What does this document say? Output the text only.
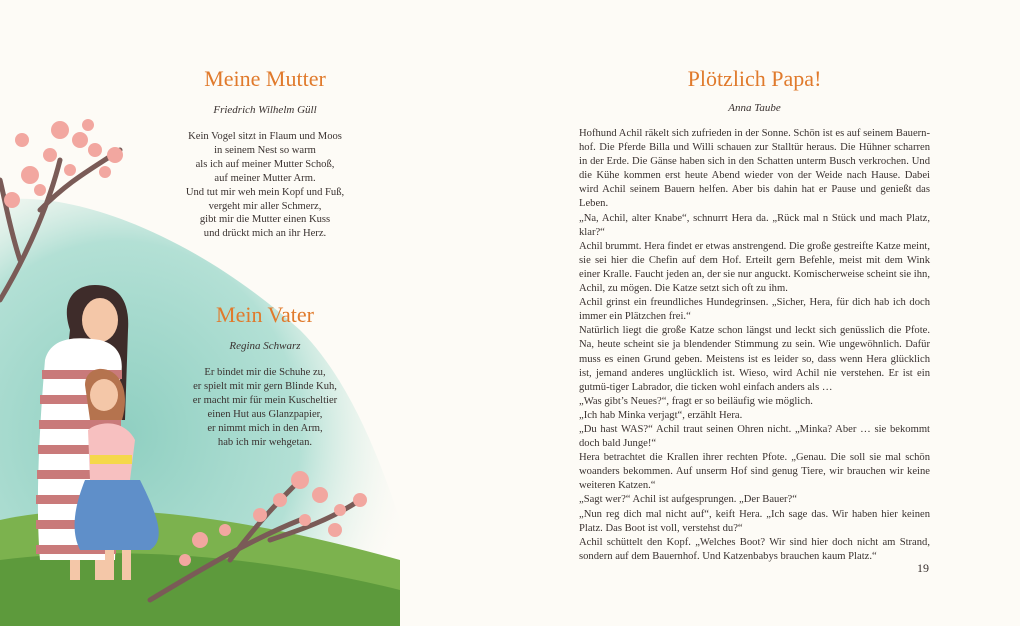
Meine Mutter
Friedrich Wilhelm Güll
Kein Vogel sitzt in Flaum und Moos
in seinem Nest so warm
als ich auf meiner Mutter Schoß,
auf meiner Mutter Arm.
Und tut mir weh mein Kopf und Fuß,
vergeht mir aller Schmerz,
gibt mir die Mutter einen Kuss
und drückt mich an ihr Herz.
Mein Vater
Regina Schwarz
Er bindet mir die Schuhe zu,
er spielt mit mir gern Blinde Kuh,
er macht mir für mein Kuscheltier
einen Hut aus Glanzpapier,
er nimmt mich in den Arm,
hab ich mir wehgetan.
Plötzlich Papa!
Anna Taube

Hofhund Achil räkelt sich zufrieden in der Sonne. Schön ist es auf seinem Bauern-hof. Die Pferde Billa und Willi schauen zur Stalltür heraus. Die Hühner scharren in der Erde. Die Gänse haben sich in den Schatten unterm Busch verkrochen. Und die Kühe kommen erst heute Abend wieder von der Weide nach Hause. Dabei wird Achil seinem Bauern helfen. Aber bis dahin hat er Pause und genießt das Leben.

„Na, Achil, alter Knabe“, schnurrt Hera da. „Rück mal n Stück und mach Platz, klar?“

Achil brummt. Hera findet er etwas anstrengend. Die große gestreifte Katze meint, sie sei hier die Chefin auf dem Hof. Erteilt gern Befehle, meist mit dem Wink einer Kralle. Faucht jeden an, der sie nur anguckt. Komischerweise scheint sie ihn, Achil, zu mögen. Die Katze setzt sich oft zu ihm.

Achil grinst ein freundliches Hundegrinsen. „Sicher, Hera, für dich hab ich doch immer ein Plätzchen frei.“

Natürlich liegt die große Katze schon längst und leckt sich genüsslich die Pfote. Na, heute scheint sie ja blendender Stimmung zu sein. Wie ungewöhnlich. Dafür muss es einen Grund geben. Meistens ist es leider so, dass wenn Hera glücklich ist, jemand anderes unglücklich ist. Wieso, wird Achil nie verstehen. Er ist ein gutmü-tiger Labrador, die ticken wohl einfach anders als …

„Was gibt’s Neues?“, fragt er so beiläufig wie möglich.

„Ich hab Minka verjagt“, erzählt Hera.

„Du hast WAS?“ Achil traut seinen Ohren nicht. „Minka? Aber … sie bekommt doch bald Junge!“

Hera betrachtet die Krallen ihrer rechten Pfote. „Genau. Die soll sie mal schön woanders bekommen. Auf unserm Hof sind genug Tiere, wir brauchen wir keine weiteren Katzen.“

„Sagt wer?“ Achil ist aufgesprungen. „Der Bauer?“

„Nun reg dich mal nicht auf“, keift Hera. „Ich sage das. Wir haben hier keinen Platz. Das Boot ist voll, verstehst du?“

Achil schüttelt den Kopf. „Welches Boot? Wir sind hier doch nicht am Strand, sondern auf dem Bauernhof. Und Katzenbabys brauchen kaum Platz.“

19
